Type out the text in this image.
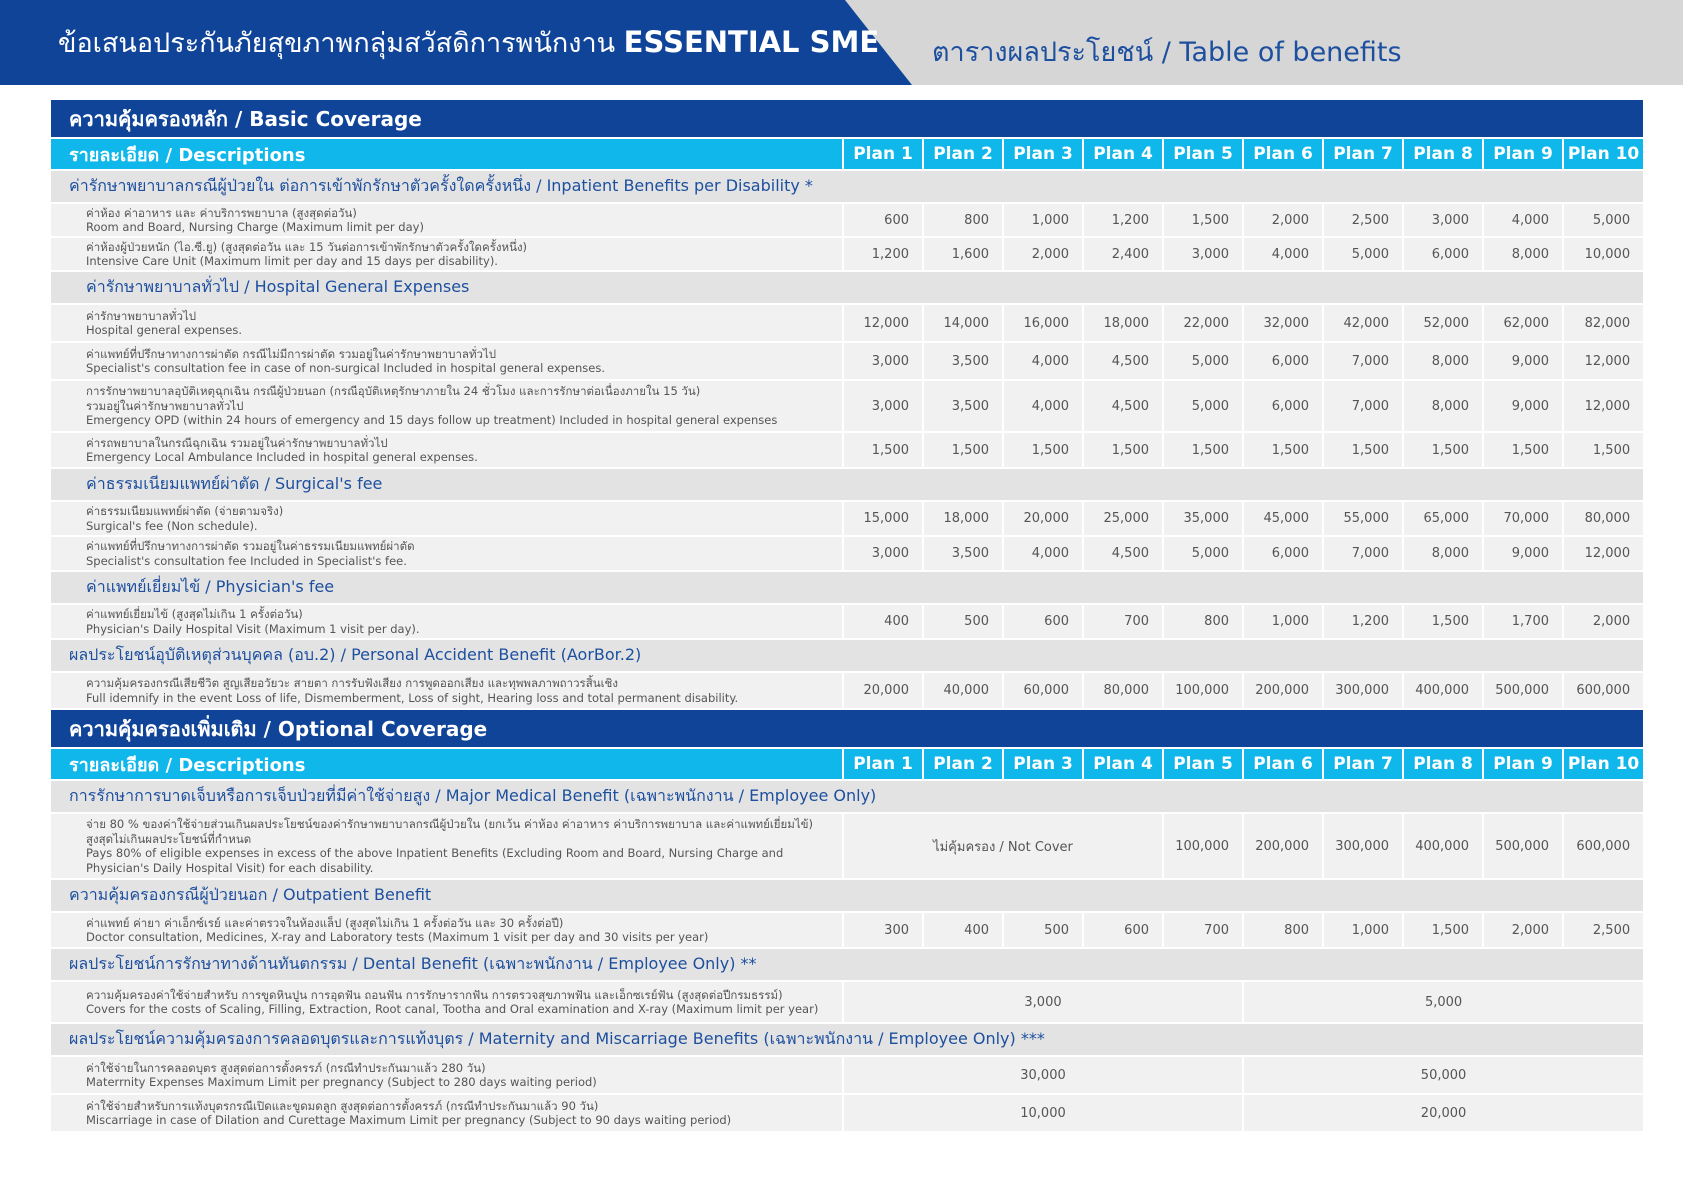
ข้อเสนอประกันภัยสุขภาพกลุ่มสวัสดิการพนักงาน ESSENTIAL SME ตารางผลประโยชน์ / Table of benefits
ความคุ้มครองหลัก / Basic Coverage										
รายละเอียด / Descriptions	Plan 1	Plan 2	Plan 3	Plan 4	Plan 5	Plan 6	Plan 7	Plan 8	Plan 9	Plan 10
ค่ารักษาพยาบาลกรณีผู้ป่วยใน ต่อการเข้าพักรักษาตัวครั้งใดครั้งหนึ่ง / Inpatient Benefits per Disability *										

ค่าห้อง ค่าอาหาร และ ค่าบริการพยาบาล (สูงสุดต่อวัน)
Room and Board, Nursing Charge (Maximum limit per day)	600	800	1,000	1,200	1,500	2,000	2,500	3,000	4,000	5,000

ค่าห้องผู้ป่วยหนัก (ไอ.ซี.ยู) (สูงสุดต่อวัน และ 15 วันต่อการเข้าพักรักษาตัวครั้งใดครั้งหนึ่ง)
Intensive Care Unit (Maximum limit per day and 15 days per disability).	1,200	1,600	2,000	2,400	3,000	4,000	5,000	6,000	8,000	10,000
ค่ารักษาพยาบาลทั่วไป / Hospital General Expenses										

ค่ารักษาพยาบาลทั่วไป
Hospital general expenses.	12,000	14,000	16,000	18,000	22,000	32,000	42,000	52,000	62,000	82,000

ค่าแพทย์ที่ปรึกษาทางการผ่าตัด กรณีไม่มีการผ่าตัด รวมอยู่ในค่ารักษาพยาบาลทั่วไป
Specialist's consultation fee in case of non-surgical Included in hospital general expenses.	3,000	3,500	4,000	4,500	5,000	6,000	7,000	8,000	9,000	12,000

การรักษาพยาบาลอุบัติเหตุฉุกเฉิน กรณีผู้ป่วยนอก (กรณีอุบัติเหตุรักษาภายใน 24 ชั่วโมง และการรักษาต่อเนื่องภายใน 15 วัน)
รวมอยู่ในค่ารักษาพยาบาลทั่วไป
Emergency OPD (within 24 hours of emergency and 15 days follow up treatment) Included in hospital general expenses	3,000	3,500	4,000	4,500	5,000	6,000	7,000	8,000	9,000	12,000

ค่ารถพยาบาลในกรณีฉุกเฉิน รวมอยู่ในค่ารักษาพยาบาลทั่วไป
Emergency Local Ambulance Included in hospital general expenses.	1,500	1,500	1,500	1,500	1,500	1,500	1,500	1,500	1,500	1,500
ค่าธรรมเนียมแพทย์ผ่าตัด / Surgical's fee										

ค่าธรรมเนียมแพทย์ผ่าตัด (จ่ายตามจริง)
Surgical's fee (Non schedule).	15,000	18,000	20,000	25,000	35,000	45,000	55,000	65,000	70,000	80,000

ค่าแพทย์ที่ปรึกษาทางการผ่าตัด รวมอยู่ในค่าธรรมเนียมแพทย์ผ่าตัด
Specialist's consultation fee Included in Specialist's fee.	3,000	3,500	4,000	4,500	5,000	6,000	7,000	8,000	9,000	12,000
ค่าแพทย์เยี่ยมไข้ / Physician's fee										

ค่าแพทย์เยี่ยมไข้ (สูงสุดไม่เกิน 1 ครั้งต่อวัน)
Physician's Daily Hospital Visit (Maximum 1 visit per day).	400	500	600	700	800	1,000	1,200	1,500	1,700	2,000
ผลประโยชน์อุบัติเหตุส่วนบุคคล (อบ.2) / Personal Accident Benefit (AorBor.2)										

ความคุ้มครองกรณีเสียชีวิต สูญเสียอวัยวะ สายตา การรับฟังเสียง การพูดออกเสียง และทุพพลภาพถาวรสิ้นเชิง
Full idemnify in the event Loss of life, Dismemberment, Loss of sight, Hearing loss and total permanent disability.	20,000	40,000	60,000	80,000	100,000	200,000	300,000	400,000	500,000	600,000
ความคุ้มครองเพิ่มเติม / Optional Coverage										
รายละเอียด / Descriptions	Plan 1	Plan 2	Plan 3	Plan 4	Plan 5	Plan 6	Plan 7	Plan 8	Plan 9	Plan 10
การรักษาการบาดเจ็บหรือการเจ็บป่วยที่มีค่าใช้จ่ายสูง / Major Medical Benefit (เฉพาะพนักงาน / Employee Only)										

จ่าย 80 % ของค่าใช้จ่ายส่วนเกินผลประโยชน์ของค่ารักษาพยาบาลกรณีผู้ป่วยใน (ยกเว้น ค่าห้อง ค่าอาหาร ค่าบริการพยาบาล และค่าแพทย์เยี่ยมไข้)
สูงสุดไม่เกินผลประโยชน์ที่กำหนด
Pays 80% of eligible expenses in excess of the above Inpatient Benefits (Excluding Room and Board, Nursing Charge and
Physician's Daily Hospital Visit) for each disability.	ไม่คุ้มครอง / Not Cover				100,000	200,000	300,000	400,000	500,000	600,000
ความคุ้มครองกรณีผู้ป่วยนอก / Outpatient Benefit										

ค่าแพทย์ ค่ายา ค่าเอ็กซ์เรย์ และค่าตรวจในห้องแล็ป (สูงสุดไม่เกิน 1 ครั้งต่อวัน และ 30 ครั้งต่อปี)
Doctor consultation, Medicines, X-ray and Laboratory tests (Maximum 1 visit per day and 30 visits per year)	300	400	500	600	700	800	1,000	1,500	2,000	2,500
ผลประโยชน์การรักษาทางด้านทันตกรรม / Dental Benefit (เฉพาะพนักงาน / Employee Only) **										

ความคุ้มครองค่าใช้จ่ายสำหรับ การขูดหินปูน การอุดฟัน ถอนฟัน การรักษารากฟัน การตรวจสุขภาพฟัน และเอ็กซเรย์ฟัน (สูงสุดต่อปีกรมธรรม์)
Covers for the costs of Scaling, Filling, Extraction, Root canal, Tootha and Oral examination and X-ray (Maximum limit per year)	3,000					5,000				
ผลประโยชน์ความคุ้มครองการคลอดบุตรและการแท้งบุตร / Maternity and Miscarriage Benefits (เฉพาะพนักงาน / Employee Only) ***										

ค่าใช้จ่ายในการคลอดบุตร สูงสุดต่อการตั้งครรภ์ (กรณีทำประกันมาแล้ว 280 วัน)
Materrnity Expenses Maximum Limit per pregnancy (Subject to 280 days waiting period)	30,000					50,000				

ค่าใช้จ่ายสำหรับการแท้งบุตรกรณีเปิดและขูดมดลูก สูงสุดต่อการตั้งครรภ์ (กรณีทำประกันมาแล้ว 90 วัน)
Miscarriage in case of Dilation and Curettage Maximum Limit per pregnancy (Subject to 90 days waiting period)	10,000					20,000				
